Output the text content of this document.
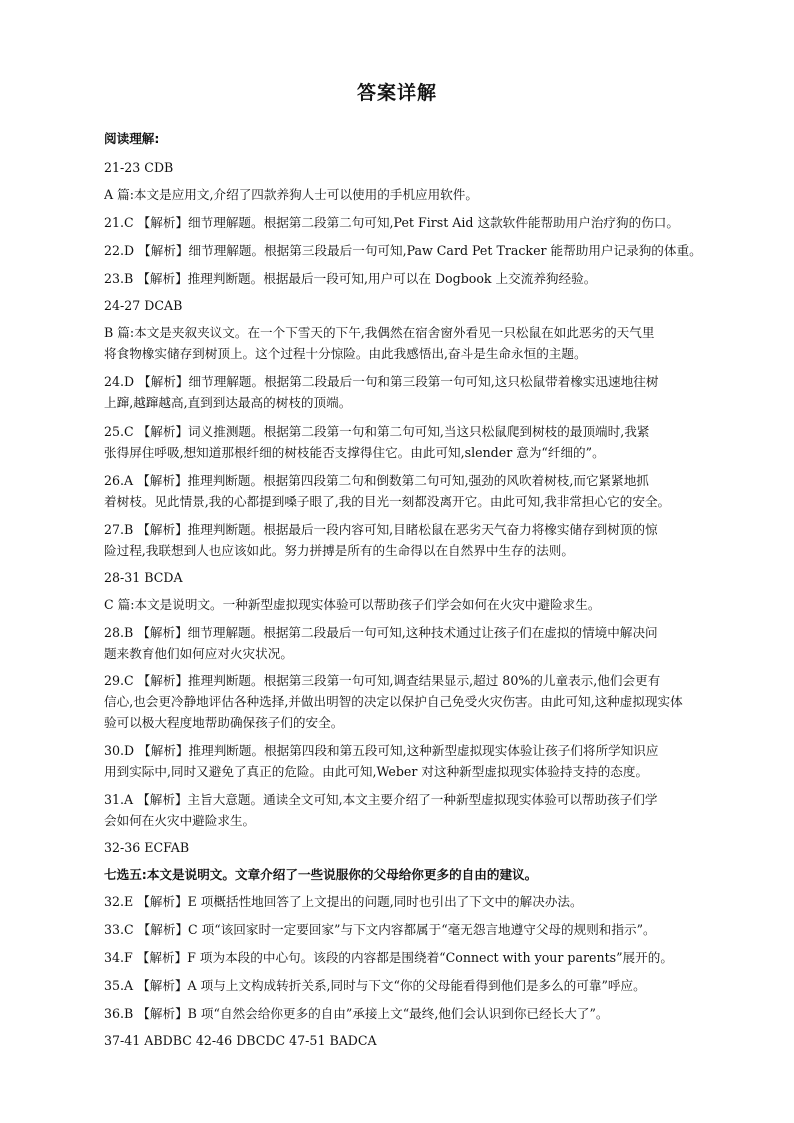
答案详解
阅读理解:
21-23 CDB
A 篇:本文是应用文,介绍了四款养狗人士可以使用的手机应用软件。
21.C 【解析】细节理解题。根据第二段第二句可知,Pet First Aid 这款软件能帮助用户治疗狗的伤口。
22.D 【解析】细节理解题。根据第三段最后一句可知,Paw Card Pet Tracker 能帮助用户记录狗的体重。
23.B 【解析】推理判断题。根据最后一段可知,用户可以在 Dogbook 上交流养狗经验。
24-27 DCAB
B 篇:本文是夹叙夹议文。在一个下雪天的下午,我偶然在宿舍窗外看见一只松鼠在如此恶劣的天气里
将食物橡实储存到树顶上。这个过程十分惊险。由此我感悟出,奋斗是生命永恒的主题。
24.D 【解析】细节理解题。根据第二段最后一句和第三段第一句可知,这只松鼠带着橡实迅速地往树
上蹿,越蹿越高,直到到达最高的树枝的顶端。
25.C 【解析】词义推测题。根据第二段第一句和第二句可知,当这只松鼠爬到树枝的最顶端时,我紧
张得屏住呼吸,想知道那根纤细的树枝能否支撑得住它。由此可知,slender 意为“纤细的”。
26.A 【解析】推理判断题。根据第四段第二句和倒数第二句可知,强劲的风吹着树枝,而它紧紧地抓
着树枝。见此情景,我的心都提到嗓子眼了,我的目光一刻都没离开它。由此可知,我非常担心它的安全。
27.B 【解析】推理判断题。根据最后一段内容可知,目睹松鼠在恶劣天气奋力将橡实储存到树顶的惊
险过程,我联想到人也应该如此。努力拼搏是所有的生命得以在自然界中生存的法则。
28-31 BCDA
C 篇:本文是说明文。一种新型虚拟现实体验可以帮助孩子们学会如何在火灾中避险求生。
28.B 【解析】细节理解题。根据第二段最后一句可知,这种技术通过让孩子们在虚拟的情境中解决问
题来教育他们如何应对火灾状况。
29.C 【解析】推理判断题。根据第三段第一句可知,调查结果显示,超过 80%的儿童表示,他们会更有
信心,也会更冷静地评估各种选择,并做出明智的决定以保护自己免受火灾伤害。由此可知,这种虚拟现实体
验可以极大程度地帮助确保孩子们的安全。
30.D 【解析】推理判断题。根据第四段和第五段可知,这种新型虚拟现实体验让孩子们将所学知识应
用到实际中,同时又避免了真正的危险。由此可知,Weber 对这种新型虚拟现实体验持支持的态度。
31.A 【解析】主旨大意题。通读全文可知,本文主要介绍了一种新型虚拟现实体验可以帮助孩子们学
会如何在火灾中避险求生。
32-36 ECFAB
七选五:本文是说明文。文章介绍了一些说服你的父母给你更多的自由的建议。
32.E 【解析】E 项概括性地回答了上文提出的问题,同时也引出了下文中的解决办法。
33.C 【解析】C 项“该回家时一定要回家”与下文内容都属于“毫无怨言地遵守父母的规则和指示”。
34.F 【解析】F 项为本段的中心句。该段的内容都是围绕着“Connect with your parents”展开的。
35.A 【解析】A 项与上文构成转折关系,同时与下文“你的父母能看得到他们是多么的可靠”呼应。
36.B 【解析】B 项“自然会给你更多的自由”承接上文“最终,他们会认识到你已经长大了”。
37-41 ABDBC 42-46 DBCDC 47-51 BADCA
